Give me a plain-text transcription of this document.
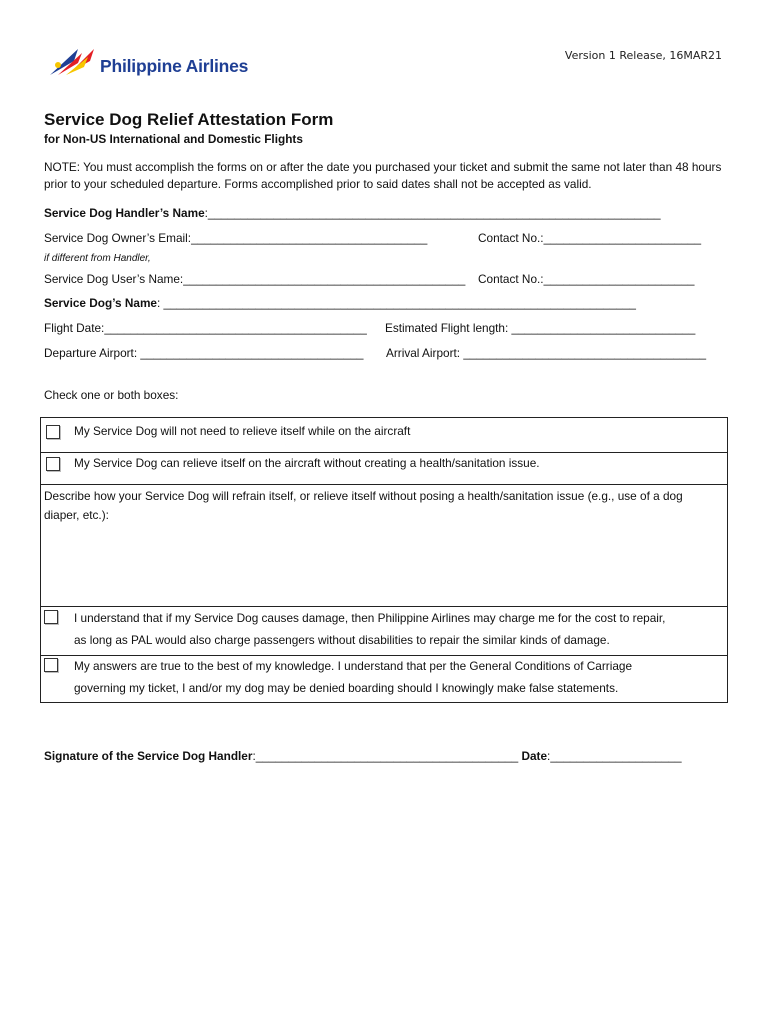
Philippine Airlines
Version 1 Release, 16MAR21
Service Dog Relief Attestation Form
for Non-US International and Domestic Flights
NOTE: You must accomplish the forms on or after the date you purchased your ticket and submit the same not later than 48 hours prior to your scheduled departure. Forms accomplished prior to said dates shall not be accepted as valid.
Service Dog Handler’s Name:_____________________________________________________________________
Service Dog Owner’s Email:____________________________________	Contact No.:________________________
if different from Handler,
Service Dog User’s Name:___________________________________________ Contact No.:_______________________
Service Dog’s Name: ________________________________________________________________________
Flight Date:________________________________________ Estimated Flight length: ____________________________
Departure Airport: __________________________________ Arrival Airport: _____________________________________
Check one or both boxes:
My Service Dog will not need to relieve itself while on the aircraft
My Service Dog can relieve itself on the aircraft without creating a health/sanitation issue.
Describe how your Service Dog will refrain itself, or relieve itself without posing a health/sanitation issue (e.g., use of a dog diaper, etc.):
I understand that if my Service Dog causes damage, then Philippine Airlines may charge me for the cost to repair,
as long as PAL would also charge passengers without disabilities to repair the similar kinds of damage.
My answers are true to the best of my knowledge. I understand that per the General Conditions of Carriage
governing my ticket, I and/or my dog may be denied boarding should I knowingly make false statements.
Signature of the Service Dog Handler:________________________________________ Date:____________________
